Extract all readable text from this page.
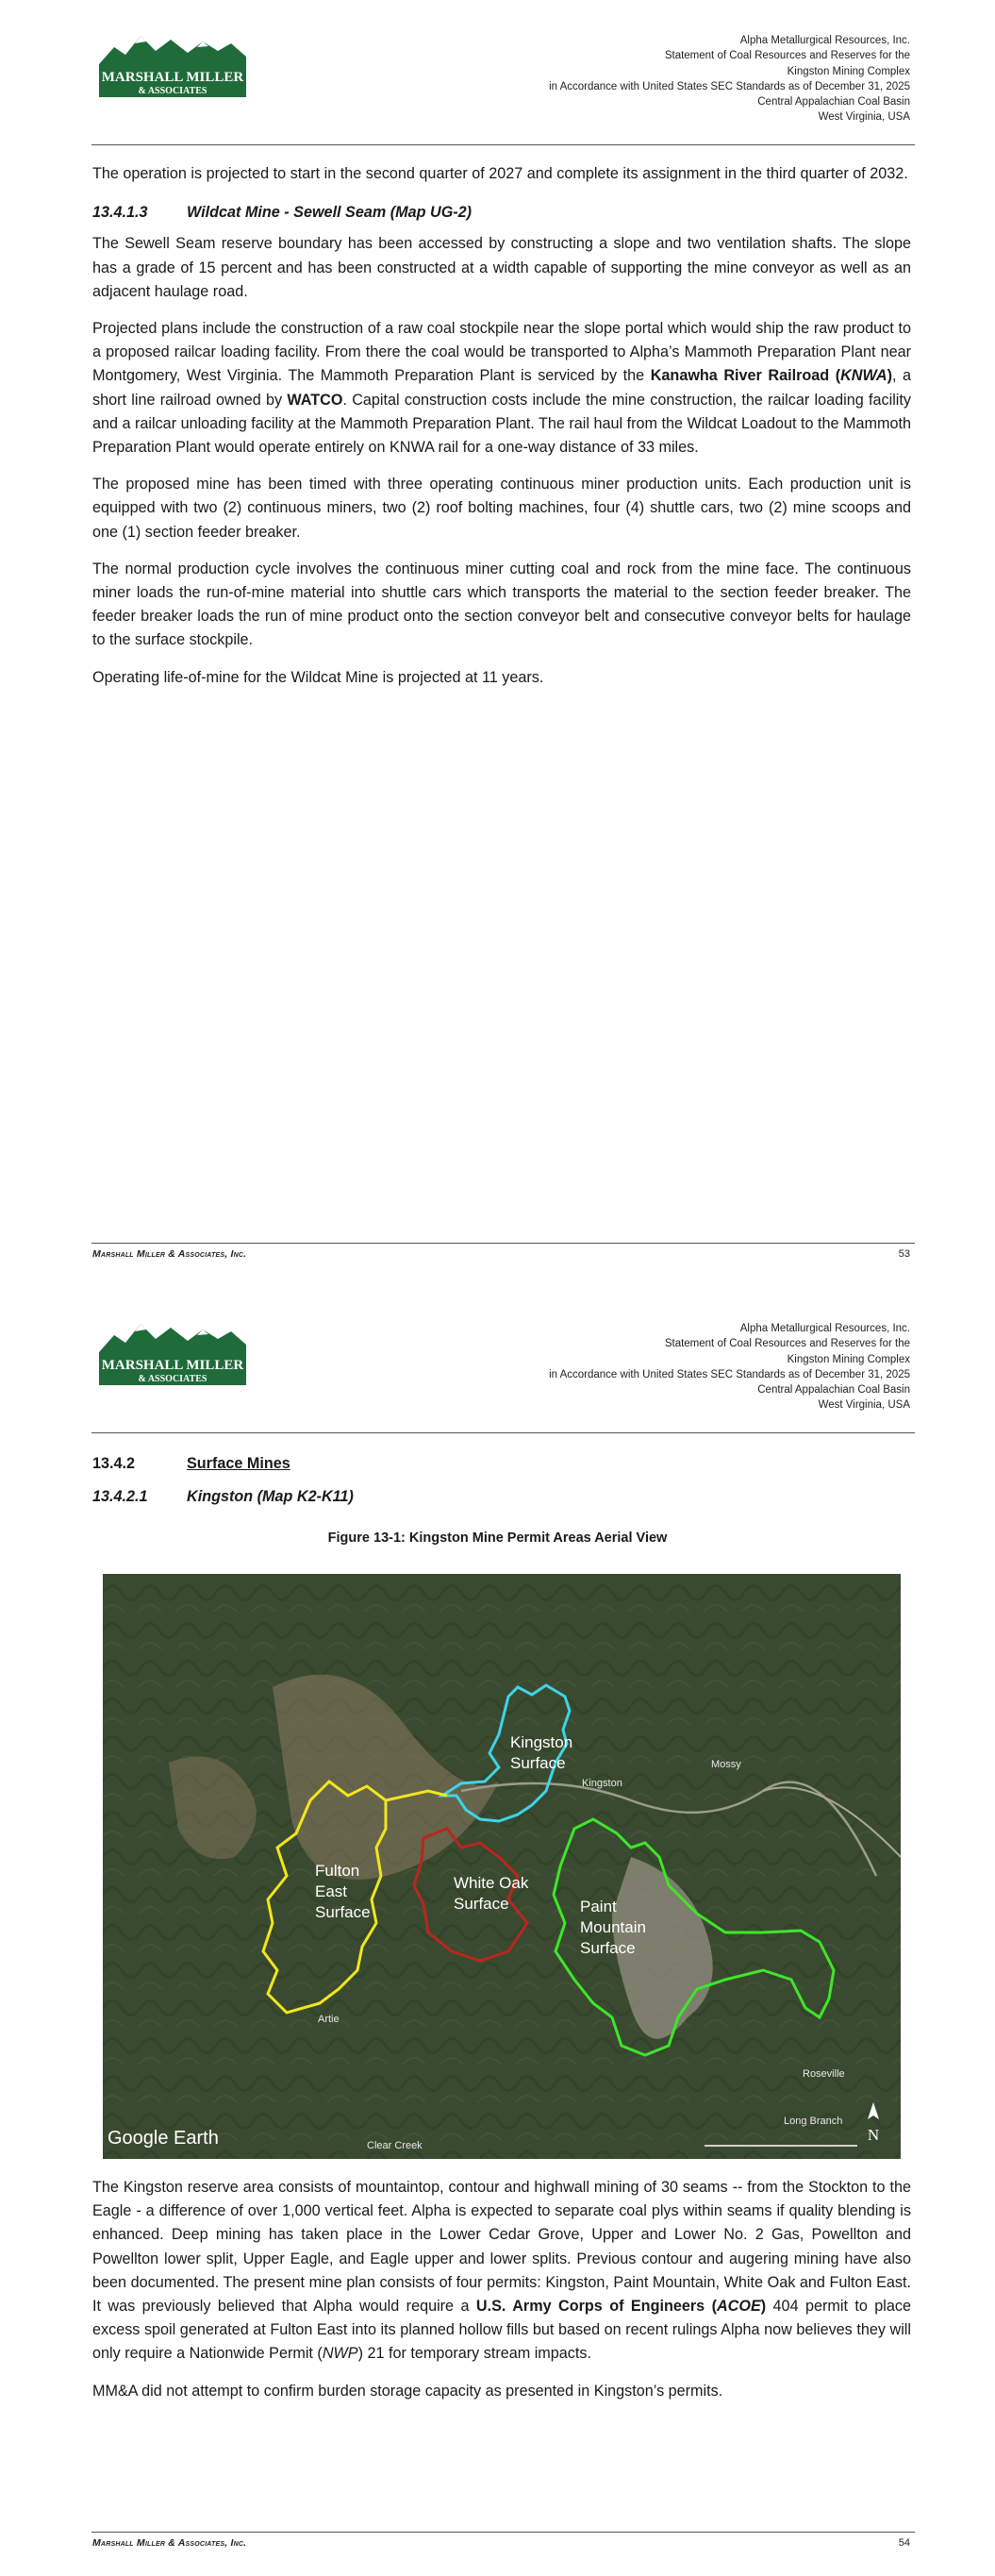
MARSHALL MILLER
& ASSOCIATES
Alpha Metallurgical Resources, Inc.
Statement of Coal Resources and Reserves for the
Kingston Mining Complex
in Accordance with United States SEC Standards as of December 31, 2025
Central Appalachian Coal Basin
West Virginia, USA

The operation is projected to start in the second quarter of 2027 and complete its assignment in the third quarter of 2032.

13.4.1.3	Wildcat Mine - Sewell Seam (Map UG-2)

The Sewell Seam reserve boundary has been accessed by constructing a slope and two ventilation shafts. The slope has a grade of 15 percent and has been constructed at a width capable of supporting the mine conveyor as well as an adjacent haulage road.

Projected plans include the construction of a raw coal stockpile near the slope portal which would ship the raw product to a proposed railcar loading facility. From there the coal would be transported to Alpha’s Mammoth Preparation Plant near Montgomery, West Virginia. The Mammoth Preparation Plant is serviced by the Kanawha River Railroad (KNWA), a short line railroad owned by WATCO. Capital construction costs include the mine construction, the railcar loading facility and a railcar unloading facility at the Mammoth Preparation Plant. The rail haul from the Wildcat Loadout to the Mammoth Preparation Plant would operate entirely on KNWA rail for a one-way distance of 33 miles.

The proposed mine has been timed with three operating continuous miner production units. Each production unit is equipped with two (2) continuous miners, two (2) roof bolting machines, four (4) shuttle cars, two (2) mine scoops and one (1) section feeder breaker.

The normal production cycle involves the continuous miner cutting coal and rock from the mine face. The continuous miner loads the run-of-mine material into shuttle cars which transports the material to the section feeder breaker. The feeder breaker loads the run of mine product onto the section conveyor belt and consecutive conveyor belts for haulage to the surface stockpile.

Operating life-of-mine for the Wildcat Mine is projected at 11 years.

Marshall Miller & Associates, Inc.	53
MARSHALL MILLER
& ASSOCIATES
Alpha Metallurgical Resources, Inc.
Statement of Coal Resources and Reserves for the
Kingston Mining Complex
in Accordance with United States SEC Standards as of December 31, 2025
Central Appalachian Coal Basin
West Virginia, USA
13.4.2	Surface Mines
13.4.2.1	Kingston (Map K2-K11)
Figure 13-1: Kingston Mine Permit Areas Aerial View
Kingston
Surface
Fulton
East
Surface
White Oak
Surface	Paint
Mountain
Surface
Kingston
Mossy
Artie
Clear Creek
Roseville
Long Branch
Google Earth	N

The Kingston reserve area consists of mountaintop, contour and highwall mining of 30 seams -- from the Stockton to the Eagle - a difference of over 1,000 vertical feet. Alpha is expected to separate coal plys within seams if quality blending is enhanced. Deep mining has taken place in the Lower Cedar Grove, Upper and Lower No. 2 Gas, Powellton and Powellton lower split, Upper Eagle, and Eagle upper and lower splits. Previous contour and augering mining have also been documented. The present mine plan consists of four permits: Kingston, Paint Mountain, White Oak and Fulton East. It was previously believed that Alpha would require a U.S. Army Corps of Engineers (ACOE) 404 permit to place excess spoil generated at Fulton East into its planned hollow fills but based on recent rulings Alpha now believes they will only require a Nationwide Permit (NWP) 21 for temporary stream impacts.

MM&A did not attempt to confirm burden storage capacity as presented in Kingston’s permits.

Marshall Miller & Associates, Inc.	54
